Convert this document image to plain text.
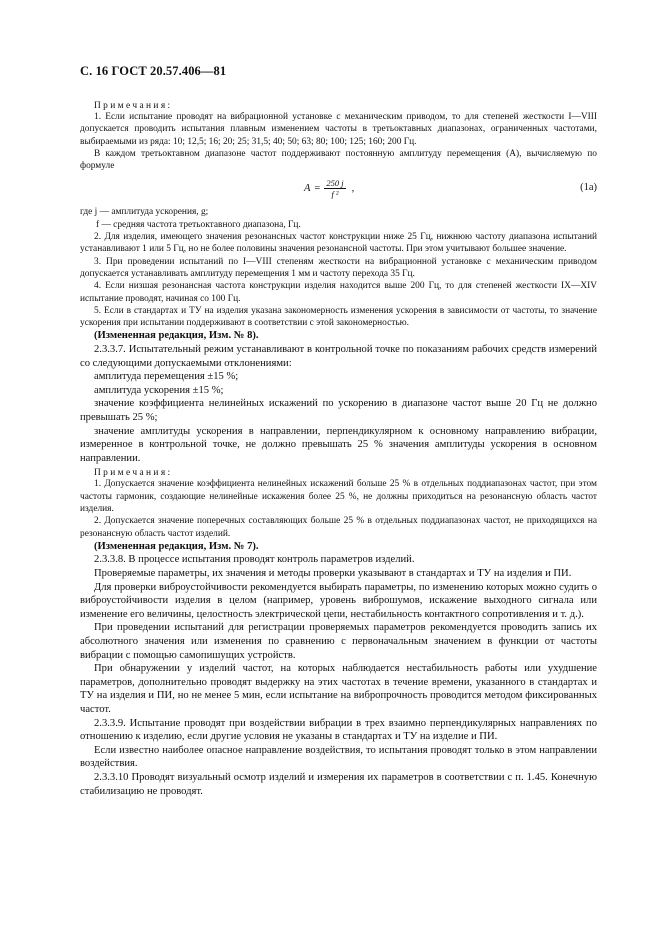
С. 16 ГОСТ 20.57.406—81

Примечания:

1. Если испытание проводят на вибрационной установке с механическим приводом, то для степеней жесткости I—VIII допускается проводить испытания плавным изменением частоты в третьоктавных диапазонах, ограниченных частотами, выбираемыми из ряда: 10; 12,5; 16; 20; 25; 31,5; 40; 50; 63; 80; 100; 125; 160; 200 Гц.

В каждом третьоктавном диапазоне частот поддерживают постоянную амплитуду перемещения (A), вычисляемую по формуле

$A = \frac{250 j}{\text{f ²}}$ ,	(1a)

где j — амплитуда ускорения, g;

f — средняя частота третьоктавного диапазона, Гц.

2. Для изделия, имеющего значения резонансных частот конструкции ниже 25 Гц, нижнюю частоту диапазона испытаний устанавливают 1 или 5 Гц, но не более половины значения резонансной частоты. При этом учитывают большее значение.

3. При проведении испытаний по I—VIII степеням жесткости на вибрационной установке с механическим приводом допускается устанавливать амплитуду перемещения 1 мм и частоту перехода 35 Гц.

4. Если низшая резонансная частота конструкции изделия находится выше 200 Гц, то для степеней жесткости IX—XIV испытание проводят, начиная со 100 Гц.

5. Если в стандартах и ТУ на изделия указана закономерность изменения ускорения в зависимости от частоты, то значение ускорения при испытании поддерживают в соответствии с этой закономерностью.

(Измененная редакция, Изм. № 8).

2.3.3.7. Испытательный режим устанавливают в контрольной точке по показаниям рабочих средств измерений со следующими допускаемыми отклонениями:

амплитуда перемещения ±15 %;

амплитуда ускорения ±15 %;

значение коэффициента нелинейных искажений по ускорению в диапазоне частот выше 20 Гц не должно превышать 25 %;

значение амплитуды ускорения в направлении, перпендикулярном к основному направлению вибрации, измеренное в контрольной точке, не должно превышать 25 % значения амплитуды ускорения в основном направлении.

Примечания:

1. Допускается значение коэффициента нелинейных искажений больше 25 % в отдельных поддиапазонах частот, при этом частоты гармоник, создающие нелинейные искажения более 25 %, не должны приходиться на резонансную область частот изделия.

2. Допускается значение поперечных составляющих больше 25 % в отдельных поддиапазонах частот, не приходящихся на резонансную область частот изделий.

(Измененная редакция, Изм. № 7).

2.3.3.8. В процессе испытания проводят контроль параметров изделий.

Проверяемые параметры, их значения и методы проверки указывают в стандартах и ТУ на изделия и ПИ.

Для проверки виброустойчивости рекомендуется выбирать параметры, по изменению которых можно судить о виброустойчивости изделия в целом (например, уровень виброшумов, искажение выходного сигнала или изменение его величины, целостность электрической цепи, нестабильность контактного сопротивления и т. д.).

При проведении испытаний для регистрации проверяемых параметров рекомендуется проводить запись их абсолютного значения или изменения по сравнению с первоначальным значением в функции от частоты вибрации с помощью самопишущих устройств.

При обнаружении у изделий частот, на которых наблюдается нестабильность работы или ухудшение параметров, дополнительно проводят выдержку на этих частотах в течение времени, указанного в стандартах и ТУ на изделия и ПИ, но не менее 5 мин, если испытание на вибропрочность проводится методом фиксированных частот.

2.3.3.9. Испытание проводят при воздействии вибрации в трех взаимно перпендикулярных направлениях по отношению к изделию, если другие условия не указаны в стандартах и ТУ на изделие и ПИ.

Если известно наиболее опасное направление воздействия, то испытания проводят только в этом направлении воздействия.

2.3.3.10 Проводят визуальный осмотр изделий и измерения их параметров в соответствии с п. 1.45. Конечную стабилизацию не проводят.
